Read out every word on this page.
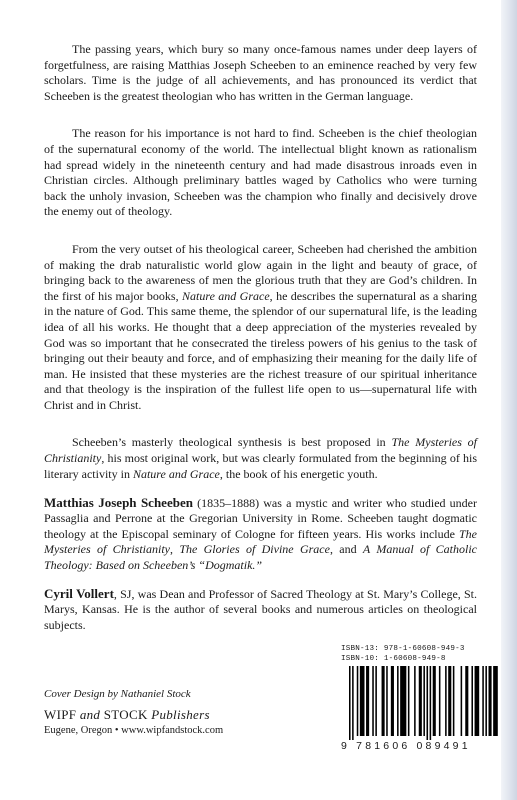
The passing years, which bury so many once-famous names under deep layers of forgetfulness, are raising Matthias Joseph Scheeben to an eminence reached by very few scholars. Time is the judge of all achievements, and has pronounced its verdict that Scheeben is the greatest theologian who has written in the German language.

The reason for his importance is not hard to find. Scheeben is the chief theologian of the supernatural economy of the world. The intellectual blight known as rationalism had spread widely in the nineteenth century and had made disastrous inroads even in Christian circles. Although preliminary battles waged by Catholics who were turning back the unholy invasion, Scheeben was the champion who finally and decisively drove the enemy out of theology.

From the very outset of his theological career, Scheeben had cherished the ambition of making the drab naturalistic world glow again in the light and beauty of grace, of bringing back to the awareness of men the glorious truth that they are God’s children. In the first of his major books, Nature and Grace, he describes the supernatural as a sharing in the nature of God. This same theme, the splendor of our supernatural life, is the leading idea of all his works. He thought that a deep appreciation of the mysteries revealed by God was so important that he consecrated the tireless powers of his genius to the task of bringing out their beauty and force, and of emphasizing their meaning for the daily life of man. He insisted that these mysteries are the richest treasure of our spiritual inheritance and that theology is the inspiration of the fullest life open to us—supernatural life with Christ and in Christ.

Scheeben’s masterly theological synthesis is best proposed in The Mysteries of Christianity, his most original work, but was clearly formulated from the beginning of his literary activity in Nature and Grace, the book of his energetic youth.

Matthias Joseph Scheeben (1835–1888) was a mystic and writer who studied under Passaglia and Perrone at the Gregorian University in Rome. Scheeben taught dogmatic theology at the Episcopal seminary of Cologne for fifteen years. His works include The Mysteries of Christianity, The Glories of Divine Grace, and A Manual of Catholic Theology: Based on Scheeben’s “Dogmatik.”
Cyril Vollert, SJ, was Dean and Professor of Sacred Theology at St. Mary’s College, St. Marys, Kansas. He is the author of several books and numerous articles on theological subjects.
Cover Design by Nathaniel Stock
WIPF and STOCK Publishers
Eugene, Oregon • www.wipfandstock.com
ISBN-13: 978-1-60608-949-3
ISBN-10: 1-60608-949-8
9 781606 089491
